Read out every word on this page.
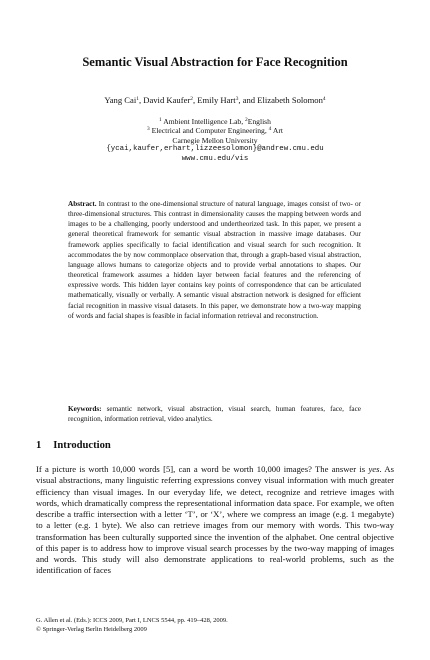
Semantic Visual Abstraction for Face Recognition
Yang Cai$^1$, David Kaufer$^2$, Emily Hart$^3$, and Elizabeth Solomon$^4$
$^1$ Ambient Intelligence Lab, $^2$English
$^3$ Electrical and Computer Engineering, $^4$ Art
Carnegie Mellon University
{ycai,kaufer,erhart,lizzeesolomon}@andrew.cmu.edu
www.cmu.edu/vis
Abstract. In contrast to the one-dimensional structure of natural language, images consist of two- or three-dimensional structures. This contrast in dimensionality causes the mapping between words and images to be a challenging, poorly understood and undertheorized task. In this paper, we present a general theoretical framework for semantic visual abstraction in massive image databases. Our framework applies specifically to facial identification and visual search for such recognition. It accommodates the by now commonplace observation that, through a graph-based visual abstraction, language allows humans to categorize objects and to provide verbal annotations to shapes. Our theoretical framework assumes a hidden layer between facial features and the referencing of expressive words. This hidden layer contains key points of correspondence that can be articulated mathematically, visually or verbally. A semantic visual abstraction network is designed for efficient facial recognition in massive visual datasets. In this paper, we demonstrate how a two-way mapping of words and facial shapes is feasible in facial information retrieval and reconstruction.
Keywords: semantic network, visual abstraction, visual search, human features, face, face recognition, information retrieval, video analytics.
1 Introduction
If a picture is worth 10,000 words [5], can a word be worth 10,000 images? The answer is yes. As visual abstractions, many linguistic referring expressions convey visual information with much greater efficiency than visual images. In our everyday life, we detect, recognize and retrieve images with words, which dramatically compress the representational information data space. For example, we often describe a traffic intersection with a letter ‘T’, or ‘X’, where we compress an image (e.g. 1 megabyte) to a letter (e.g. 1 byte). We also can retrieve images from our memory with words. This two-way transformation has been culturally supported since the invention of the alphabet. One central objective of this paper is to address how to improve visual search processes by the two-way mapping of images and words. This study will also demonstrate applications to real-world problems, such as the identification of faces
G. Allen et al. (Eds.): ICCS 2009, Part I, LNCS 5544, pp. 419–428, 2009.
© Springer-Verlag Berlin Heidelberg 2009
